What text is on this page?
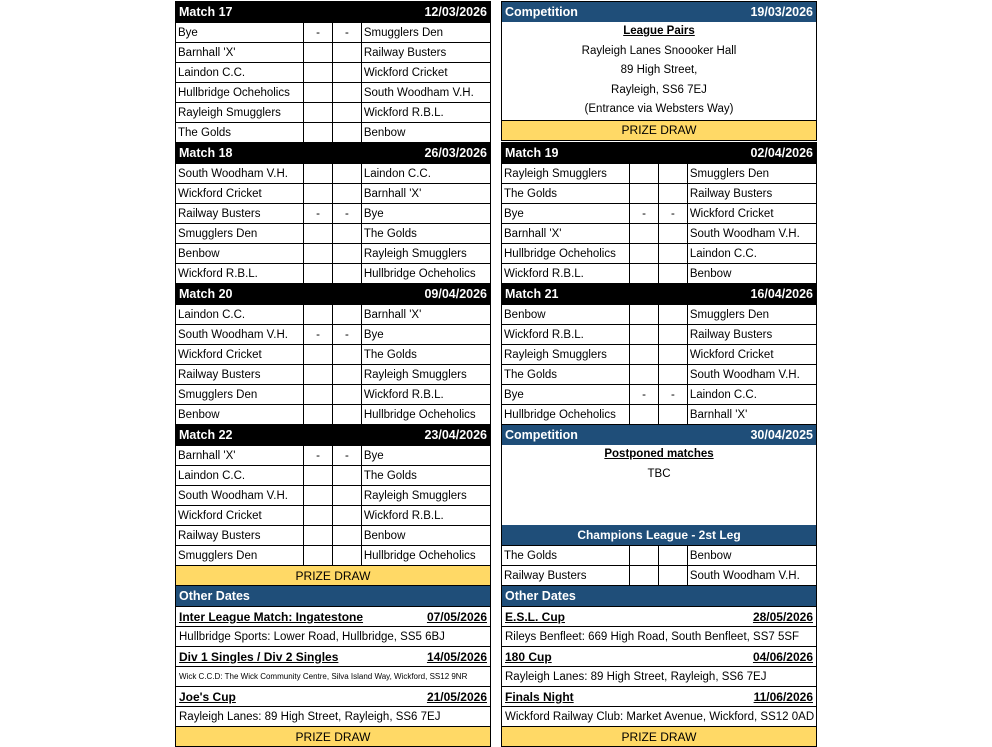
Match 17	12/03/2026
Bye	-	-	Smugglers Den
Barnhall 'X'	Railway Busters
Laindon C.C.	Wickford Cricket
Hullbridge Ocheholics	South Woodham V.H.
Rayleigh Smugglers	Wickford R.B.L.
The Golds	Benbow
Competition	19/03/2026
League Pairs
Rayleigh Lanes Snoooker Hall
89 High Street,
Rayleigh, SS6 7EJ
(Entrance via Websters Way)
PRIZE DRAW
Match 18	26/03/2026
South Woodham V.H.	Laindon C.C.
Wickford Cricket	Barnhall 'X'
Railway Busters	-	-	Bye
Smugglers Den	The Golds
Benbow	Rayleigh Smugglers
Wickford R.B.L.	Hullbridge Ocheholics
Match 19	02/04/2026
Rayleigh Smugglers	Smugglers Den
The Golds	Railway Busters
Bye	-	-	Wickford Cricket
Barnhall 'X'	South Woodham V.H.
Hullbridge Ocheholics	Laindon C.C.
Wickford R.B.L.	Benbow
Match 20	09/04/2026
Laindon C.C.	Barnhall 'X'
South Woodham V.H.	-	-	Bye
Wickford Cricket	The Golds
Railway Busters	Rayleigh Smugglers
Smugglers Den	Wickford R.B.L.
Benbow	Hullbridge Ocheholics
Match 21	16/04/2026
Benbow	Smugglers Den
Wickford R.B.L.	Railway Busters
Rayleigh Smugglers	Wickford Cricket
The Golds	South Woodham V.H.
Bye	-	-	Laindon C.C.
Hullbridge Ocheholics	Barnhall 'X'
Match 22	23/04/2026
Barnhall 'X'	-	-	Bye
Laindon C.C.	The Golds
South Woodham V.H.	Rayleigh Smugglers
Wickford Cricket	Wickford R.B.L.
Railway Busters	Benbow
Smugglers Den	Hullbridge Ocheholics
PRIZE DRAW
Competition	30/04/2025
Postponed matches
TBC
Champions League - 2st Leg
The Golds	Benbow
Railway Busters	South Woodham V.H.
Other Dates
Inter League Match: Ingatestone	07/05/2026
Hullbridge Sports: Lower Road, Hullbridge, SS5 6BJ
Div 1 Singles / Div 2 Singles	14/05/2026
Wick C.C.D: The Wick Community Centre, Silva Island Way, Wickford, SS12 9NR
Joe's Cup	21/05/2026
Rayleigh Lanes: 89 High Street, Rayleigh, SS6 7EJ
PRIZE DRAW
Other Dates
E.S.L. Cup	28/05/2026
Rileys Benfleet: 669 High Road, South Benfleet, SS7 5SF
180 Cup	04/06/2026
Rayleigh Lanes: 89 High Street, Rayleigh, SS6 7EJ
Finals Night	11/06/2026
Wickford Railway Club: Market Avenue, Wickford, SS12 0AD
PRIZE DRAW
